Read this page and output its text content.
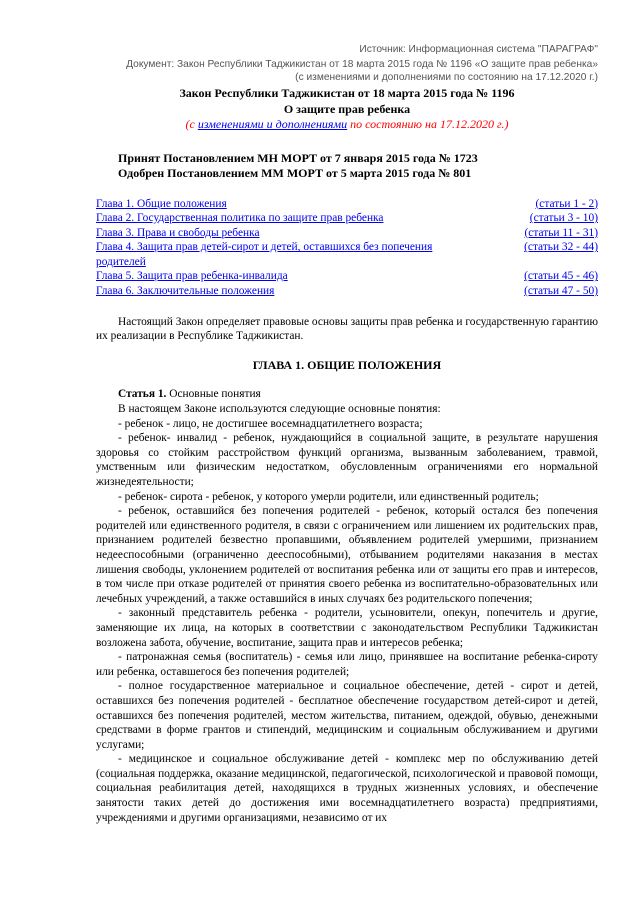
Источник: Информационная система "ПАРАГРАФ"
Документ: Закон Республики Таджикистан от 18 марта 2015 года № 1196 «О защите прав ребенка»
(с изменениями и дополнениями по состоянию на 17.12.2020 г.)
Закон Республики Таджикистан от 18 марта 2015 года № 1196
О защите прав ребенка
(с изменениями и дополнениями по состоянию на 17.12.2020 г.)
Принят Постановлением МН МОРТ от 7 января 2015 года № 1723
Одобрен Постановлением ММ МОРТ от 5 марта 2015 года № 801
Глава 1. Общие положения	(статьи 1 - 2)
Глава 2. Государственная политика по защите прав ребенка	(статьи 3 - 10)
Глава 3. Права и свободы ребенка	(статьи 11 - 31)
Глава 4. Защита прав детей-сирот и детей, оставшихся без попечения родителей
(статьи 32 - 44)
Глава 5. Защита прав ребенка-инвалида	(статьи 45 - 46)
Глава 6. Заключительные положения	(статьи 47 - 50)
Настоящий Закон определяет правовые основы защиты прав ребенка и государственную гарантию их реализации в Республике Таджикистан.
ГЛАВА 1. ОБЩИЕ ПОЛОЖЕНИЯ
Статья 1. Основные понятия
В настоящем Законе используются следующие основные понятия:
- ребенок - лицо, не достигшее восемнадцатилетнего возраста;
- ребенок- инвалид - ребенок, нуждающийся в социальной защите, в результате нарушения здоровья со стойким расстройством функций организма, вызванным заболеванием, травмой, умственным или физическим недостатком, обусловленным ограничениями его нормальной жизнедеятельности;
- ребенок- сирота - ребенок, у которого умерли родители, или единственный родитель;
- ребенок, оставшийся без попечения родителей - ребенок, который остался без попечения родителей или единственного родителя, в связи с ограничением или лишением их родительских прав, признанием родителей безвестно пропавшими, объявлением родителей умершими, признанием недееспособными (ограниченно дееспособными), отбыванием родителями наказания в местах лишения свободы, уклонением родителей от воспитания ребенка или от защиты его прав и интересов, в том числе при отказе родителей от принятия своего ребенка из воспитательно-образовательных или лечебных учреждений, а также оставшийся в иных случаях без родительского попечения;
- законный представитель ребенка - родители, усыновители, опекун, попечитель и другие, заменяющие их лица, на которых в соответствии с законодательством Республики Таджикистан возложена забота, обучение, воспитание, защита прав и интересов ребенка;
- патронажная семья (воспитатель) - семья или лицо, принявшее на воспитание ребенка-сироту или ребенка, оставшегося без попечения родителей;
- полное государственное материальное и социальное обеспечение, детей - сирот и детей, оставшихся без попечения родителей - бесплатное обеспечение государством детей-сирот и детей, оставшихся без попечения родителей, местом жительства, питанием, одеждой, обувью, денежными средствами в форме грантов и стипендий, медицинским и социальным обслуживанием и другими услугами;
- медицинское и социальное обслуживание детей - комплекс мер по обслуживанию детей (социальная поддержка, оказание медицинской, педагогической, психологической и правовой помощи, социальная реабилитация детей, находящихся в трудных жизненных условиях, и обеспечение занятости таких детей до достижения ими восемнадцатилетнего возраста) предприятиями, учреждениями и другими организациями, независимо от их
